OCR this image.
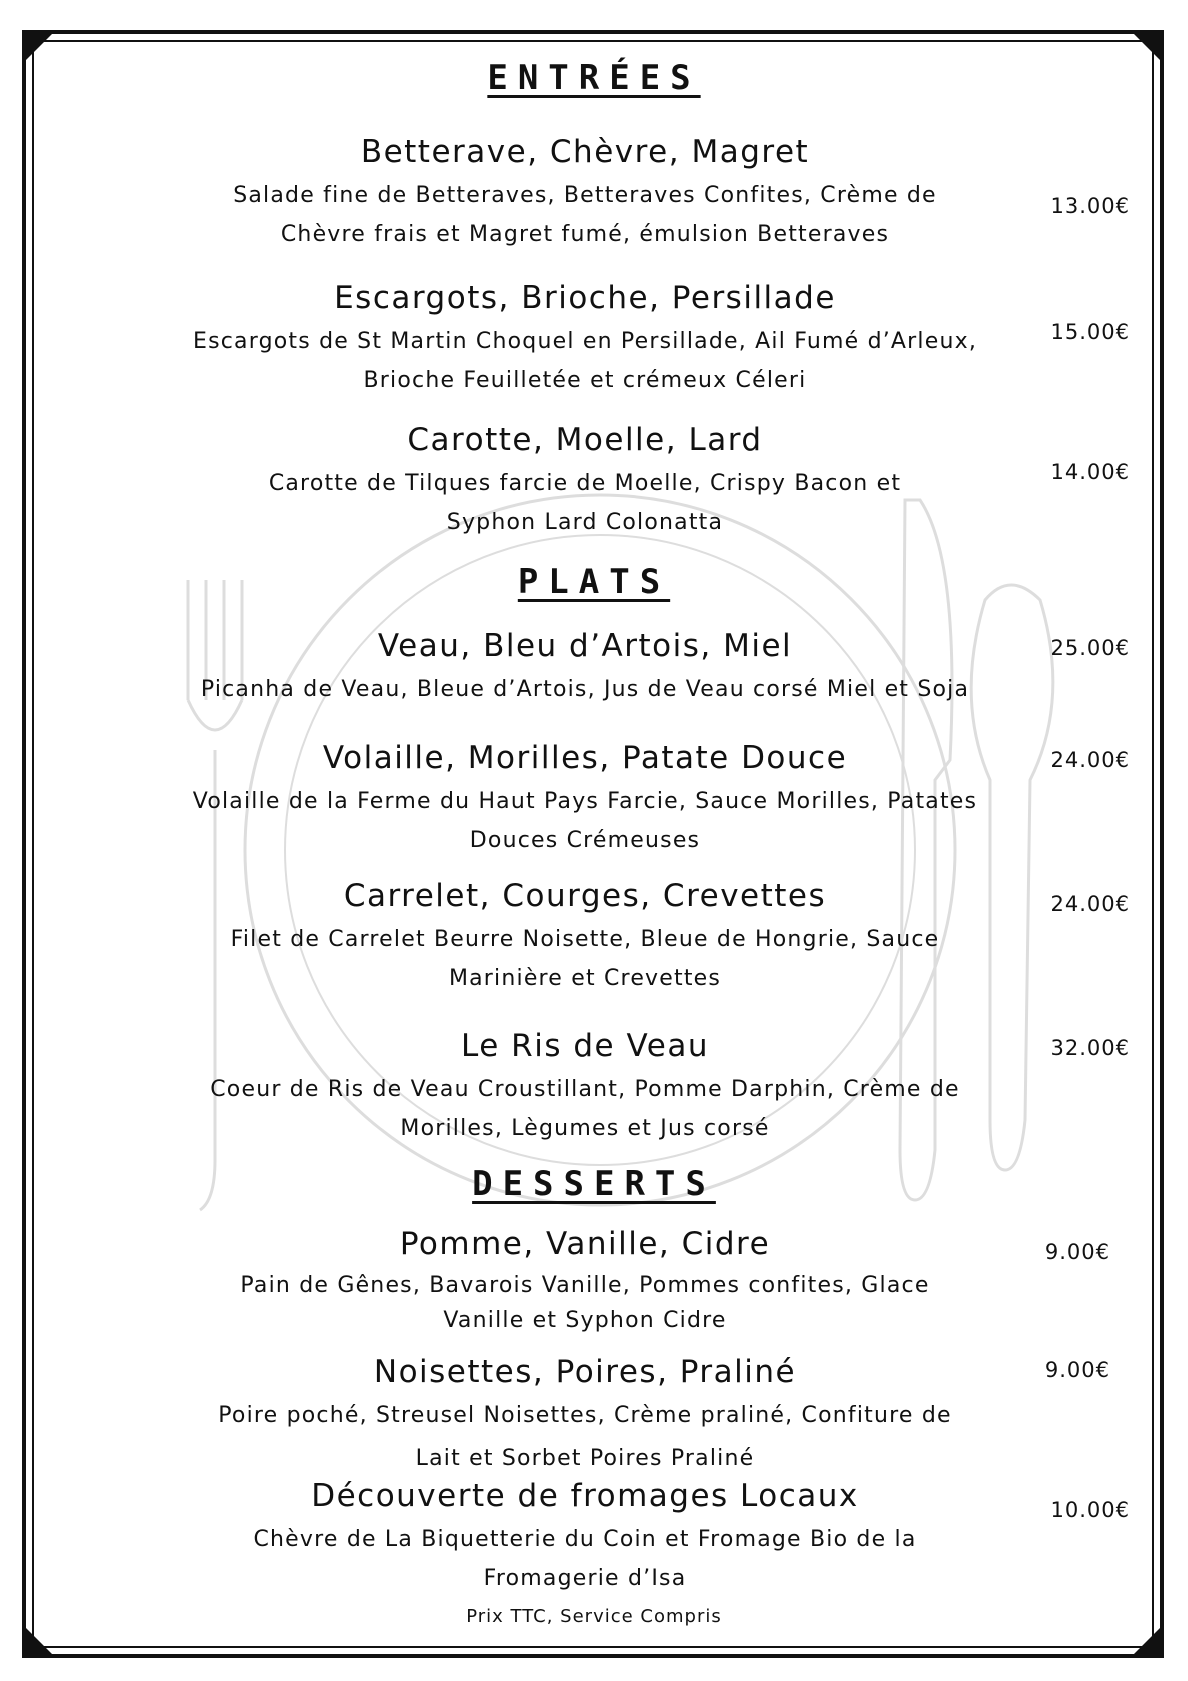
ENTRÉES
Betterave, Chèvre, Magret
Salade fine de Betteraves, Betteraves Confites, Crème de
Chèvre frais et Magret fumé, émulsion Betteraves
13.00€
Escargots, Brioche, Persillade
Escargots de St Martin Choquel en Persillade, Ail Fumé d’Arleux,
Brioche Feuilletée et crémeux Céleri
15.00€
Carotte, Moelle, Lard
Carotte de Tilques farcie de Moelle, Crispy Bacon et
Syphon Lard Colonatta
14.00€
PLATS
Veau, Bleu d’Artois, Miel
Picanha de Veau, Bleue d’Artois, Jus de Veau corsé Miel et Soja
25.00€
Volaille, Morilles, Patate Douce
Volaille de la Ferme du Haut Pays Farcie, Sauce Morilles, Patates
Douces Crémeuses
24.00€
Carrelet, Courges, Crevettes
Filet de Carrelet Beurre Noisette, Bleue de Hongrie, Sauce
Marinière et Crevettes
24.00€
Le Ris de Veau
Coeur de Ris de Veau Croustillant, Pomme Darphin, Crème de
Morilles, Lègumes et Jus corsé
32.00€
DESSERTS
Pomme, Vanille, Cidre
Pain de Gênes, Bavarois Vanille, Pommes confites, Glace
Vanille et Syphon Cidre
9.00€
Noisettes, Poires, Praliné
Poire poché, Streusel Noisettes, Crème praliné, Confiture de
Lait et Sorbet Poires Praliné
9.00€
Découverte de fromages Locaux
Chèvre de La Biquetterie du Coin et Fromage Bio de la
Fromagerie d’Isa
10.00€
Prix TTC, Service Compris
